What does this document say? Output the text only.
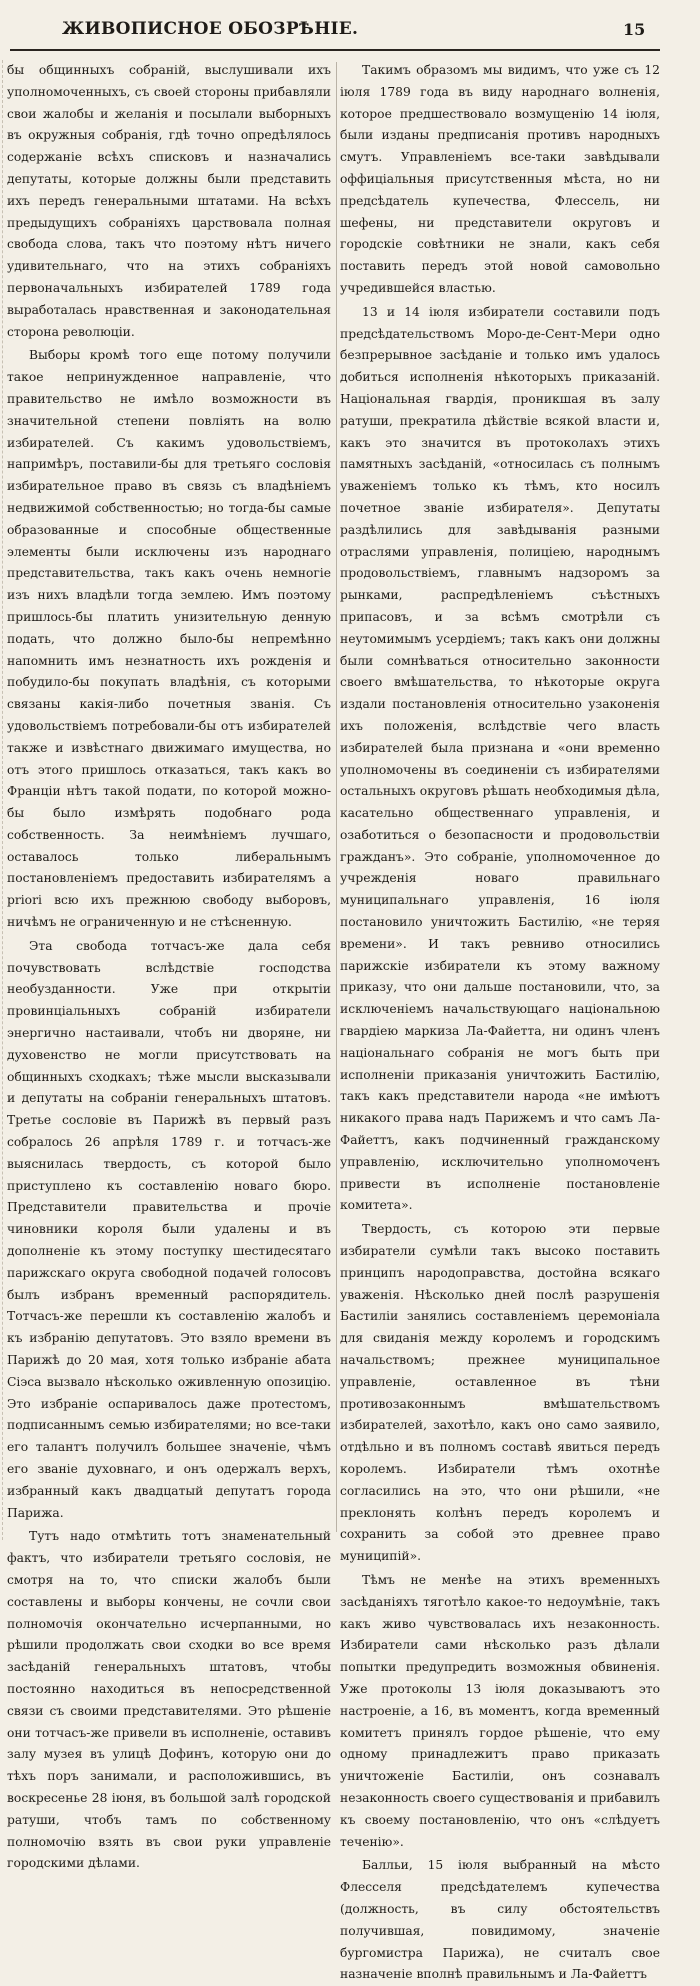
ЖИВОПИСНОЕ ОБОЗРѢНІЕ.	15

бы общинныхъ собраній, выслушивали ихъ уполномоченныхъ, съ своей стороны прибавляли свои жалобы и желанія и посылали выборныхъ въ окружныя собранія, гдѣ точно опредѣлялось содержаніе всѣхъ списковъ и назначались депутаты, которые должны были представить ихъ передъ генеральными штатами. На всѣхъ предыдущихъ собраніяхъ царствовала полная свобода слова, такъ что поэтому нѣтъ ничего удивительнаго, что на этихъ собраніяхъ первоначальныхъ избирателей 1789 года выработалась нравственная и законодательная сторона революціи.

Выборы кромѣ того еще потому получили такое непринужденное направленіе, что правительство не имѣло возможности въ значительной степени повліять на волю избирателей. Съ какимъ удовольствіемъ, напримѣръ, поставили-бы для третьяго сословія избирательное право въ связь съ владѣніемъ недвижимой собственностью; но тогда-бы самые образованные и способные общественные элементы были исключены изъ народнаго представительства, такъ какъ очень немногіе изъ нихъ владѣли тогда землею. Имъ поэтому пришлось-бы платить унизительную денную подать, что должно было-бы непремѣнно напомнить имъ незнатность ихъ рожденія и побудило-бы покупать владѣнія, съ которыми связаны какія-либо почетныя званія. Съ удовольствіемъ потребовали-бы отъ избирателей также и извѣстнаго движимаго имущества, но отъ этого пришлось отказаться, такъ какъ во Франціи нѣтъ такой подати, по которой можно-бы было измѣрять подобнаго рода собственность. За неимѣніемъ лучшаго, оставалось только либеральнымъ постановленіемъ предоставить избирателямъ a priori всю ихъ прежнюю свободу выборовъ, ничѣмъ не ограниченную и не стѣсненную.

Эта свобода тотчасъ-же дала себя почувствовать вслѣдствіе господства необузданности. Уже при открытіи провинціальныхъ собраній избиратели энергично настаивали, чтобъ ни дворяне, ни духовенство не могли присутствовать на общинныхъ сходкахъ; тѣже мысли высказывали и депутаты на собраніи генеральныхъ штатовъ. Третье сословіе въ Парижѣ въ первый разъ собралось 26 апрѣля 1789 г. и тотчасъ-же выяснилась твердость, съ которой было приступлено къ составленію новаго бюро. Представители правительства и прочіе чиновники короля были удалены и въ дополненіе къ этому поступку шестидесятаго парижскаго округа свободной подачей голосовъ былъ избранъ временный распорядитель. Тотчасъ-же перешли къ составленію жалобъ и къ избранію депутатовъ. Это взяло времени въ Парижѣ до 20 мая, хотя только избраніе абата Сіэса вызвало нѣсколько оживленную опозицію. Это избраніе оспаривалось даже протестомъ, подписаннымъ семью избирателями; но все-таки его талантъ получилъ большее значеніе, чѣмъ его званіе духовнаго, и онъ одержалъ верхъ, избранный какъ двадцатый депутатъ города Парижа.

Тутъ надо отмѣтить тотъ знаменательный фактъ, что избиратели третьяго сословія, не смотря на то, что списки жалобъ были составлены и выборы кончены, не сочли свои полномочія окончательно исчерпанными, но рѣшили продолжать свои сходки во все время засѣданій генеральныхъ штатовъ, чтобы постоянно находиться въ непосредственной связи съ своими представителями. Это рѣшеніе они тотчасъ-же привели въ исполненіе, оставивъ залу музея въ улицѣ Дофинъ, которую они до тѣхъ поръ занимали, и расположившись, въ воскресенье 28 іюня, въ большой залѣ городской ратуши, чтобъ тамъ по собственному полномочію взять въ свои руки управленіе городскими дѣлами.

Такимъ образомъ мы видимъ, что уже съ 12 іюля 1789 года въ виду народнаго волненія, которое предшествовало возмущенію 14 іюля, были изданы предписанія противъ народныхъ смутъ. Управленіемъ все-таки завѣдывали оффиціальныя присутственныя мѣста, но ни предсѣдатель купечества, Флессель, ни шефены, ни представители округовъ и городскіе совѣтники не знали, какъ себя поставить передъ этой новой самовольно учредившейся властью.

13 и 14 іюля избиратели составили подъ предсѣдательствомъ Моро-де-Сент-Мери одно безпрерывное засѣданіе и только имъ удалось добиться исполненія нѣкоторыхъ приказаній. Національная гвардія, проникшая въ залу ратуши, прекратила дѣйствіе всякой власти и, какъ это значится въ протоколахъ этихъ памятныхъ засѣданій, «относилась съ полнымъ уваженіемъ только къ тѣмъ, кто носилъ почетное званіе избирателя». Депутаты раздѣлились для завѣдыванія разными отраслями управленія, полиціею, народнымъ продовольствіемъ, главнымъ надзоромъ за рынками, распредѣленіемъ съѣстныхъ припасовъ, и за всѣмъ смотрѣли съ неутомимымъ усердіемъ; такъ какъ они должны были сомнѣваться относительно законности своего вмѣшательства, то нѣкоторые округа издали постановленія относительно узаконенія ихъ положенія, вслѣдствіе чего власть избирателей была признана и «они временно уполномочены въ соединеніи съ избирателями остальныхъ округовъ рѣшать необходимыя дѣла, касательно общественнаго управленія, и озаботиться о безопасности и продовольствіи гражданъ». Это собраніе, уполномоченное до учрежденія новаго правильнаго муниципальнаго управленія, 16 іюля постановило уничтожить Бастилію, «не теряя времени». И такъ ревниво относились парижскіе избиратели къ этому важному приказу, что они дальше постановили, что, за исключеніемъ начальствующаго національною гвардіею маркиза Ла-Файетта, ни одинъ членъ національнаго собранія не могъ быть при исполненіи приказанія уничтожить Бастилію, такъ какъ представители народа «не имѣютъ никакого права надъ Парижемъ и что самъ Ла-Файеттъ, какъ подчиненный гражданскому управленію, исключительно уполномоченъ привести въ исполненіе постановленіе комитета».

Твердость, съ которою эти первые избиратели сумѣли такъ высоко поставить принципъ народоправства, достойна всякаго уваженія. Нѣсколько дней послѣ разрушенія Бастиліи занялись составленіемъ церемоніала для свиданія между королемъ и городскимъ начальствомъ; прежнее муниципальное управленіе, оставленное въ тѣни противозаконнымъ вмѣшательствомъ избирателей, захотѣло, какъ оно само заявило, отдѣльно и въ полномъ составѣ явиться передъ королемъ. Избиратели тѣмъ охотнѣе согласились на это, что они рѣшили, «не преклонять колѣнъ передъ королемъ и сохранить за собой это древнее право муниципій».

Тѣмъ не менѣе на этихъ временныхъ засѣданіяхъ тяготѣло какое-то недоумѣніе, такъ какъ живо чувствовалась ихъ незаконность. Избиратели сами нѣсколько разъ дѣлали попытки предупредить возможныя обвиненія. Уже протоколы 13 іюля доказываютъ это настроеніе, а 16, въ моментъ, когда временный комитетъ принялъ гордое рѣшеніе, что ему одному принадлежитъ право приказать уничтоженіе Бастиліи, онъ сознавалъ незаконность своего существованія и прибавилъ къ своему постановленію, что онъ «слѣдуетъ теченію».

Балльи, 15 іюля выбранный на мѣсто Флесселя предсѣдателемъ купечества (должность, въ силу обстоятельствъ получившая, повидимому, значеніе бургомистра Парижа), не считалъ свое назначеніе вполнѣ правильнымъ и Ла-Файеттъ
